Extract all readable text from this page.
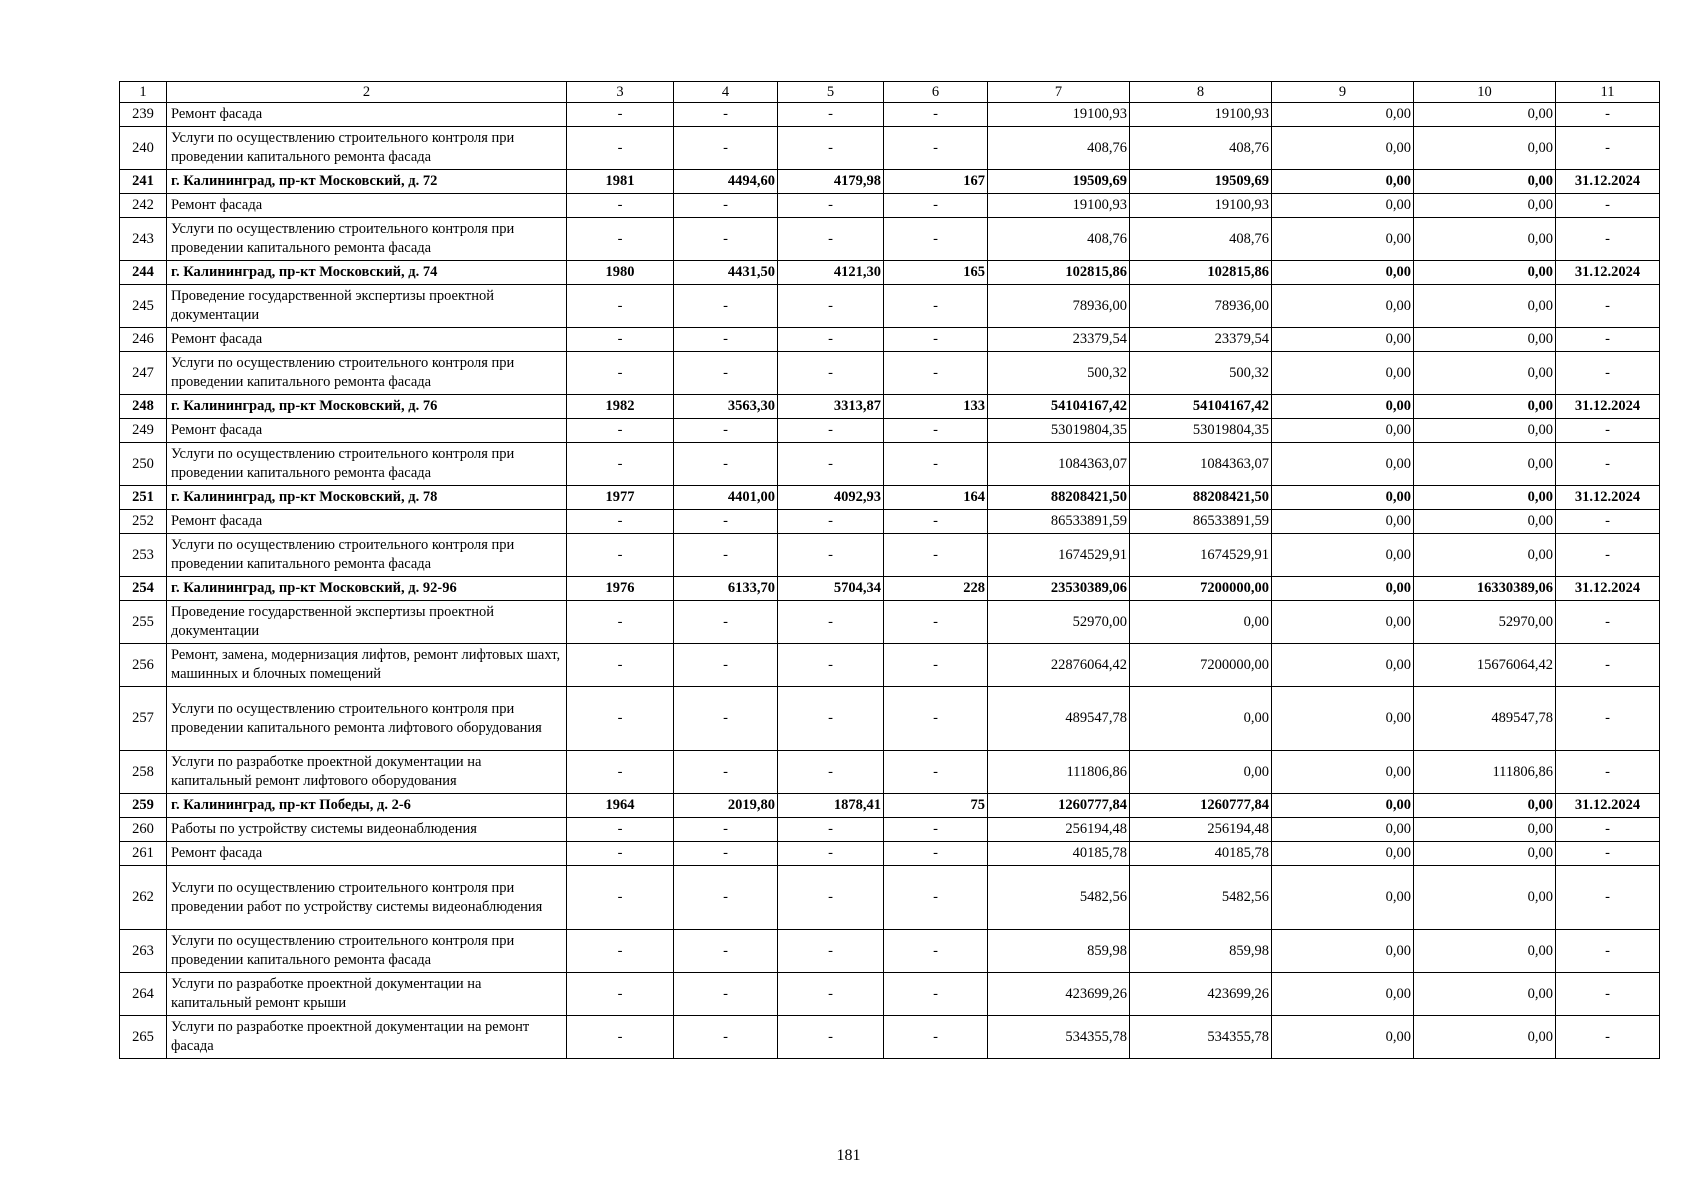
1	2	3	4	5	6	7	8	9	10	11
239	Ремонт фасада	-	-	-	-	19100,93	19100,93	0,00	0,00	-
240	Услуги по осуществлению строительного контроля при проведении капитального ремонта фасада	-	-	-	-	408,76	408,76	0,00	0,00	-
241	г. Калининград, пр-кт Московский, д. 72	1981	4494,60	4179,98	167	19509,69	19509,69	0,00	0,00	31.12.2024
242	Ремонт фасада	-	-	-	-	19100,93	19100,93	0,00	0,00	-
243	Услуги по осуществлению строительного контроля при проведении капитального ремонта фасада	-	-	-	-	408,76	408,76	0,00	0,00	-
244	г. Калининград, пр-кт Московский, д. 74	1980	4431,50	4121,30	165	102815,86	102815,86	0,00	0,00	31.12.2024
245	Проведение государственной экспертизы проектной документации	-	-	-	-	78936,00	78936,00	0,00	0,00	-
246	Ремонт фасада	-	-	-	-	23379,54	23379,54	0,00	0,00	-
247	Услуги по осуществлению строительного контроля при проведении капитального ремонта фасада	-	-	-	-	500,32	500,32	0,00	0,00	-
248	г. Калининград, пр-кт Московский, д. 76	1982	3563,30	3313,87	133	54104167,42	54104167,42	0,00	0,00	31.12.2024
249	Ремонт фасада	-	-	-	-	53019804,35	53019804,35	0,00	0,00	-
250	Услуги по осуществлению строительного контроля при проведении капитального ремонта фасада	-	-	-	-	1084363,07	1084363,07	0,00	0,00	-
251	г. Калининград, пр-кт Московский, д. 78	1977	4401,00	4092,93	164	88208421,50	88208421,50	0,00	0,00	31.12.2024
252	Ремонт фасада	-	-	-	-	86533891,59	86533891,59	0,00	0,00	-
253	Услуги по осуществлению строительного контроля при проведении капитального ремонта фасада	-	-	-	-	1674529,91	1674529,91	0,00	0,00	-
254	г. Калининград, пр-кт Московский, д. 92-96	1976	6133,70	5704,34	228	23530389,06	7200000,00	0,00	16330389,06	31.12.2024
255	Проведение государственной экспертизы проектной документации	-	-	-	-	52970,00	0,00	0,00	52970,00	-
256	Ремонт, замена, модернизация лифтов, ремонт лифтовых шахт, машинных и блочных помещений	-	-	-	-	22876064,42	7200000,00	0,00	15676064,42	-
257	Услуги по осуществлению строительного контроля при проведении капитального ремонта лифтового оборудования	-	-	-	-	489547,78	0,00	0,00	489547,78	-
258	Услуги по разработке проектной документации на капитальный ремонт лифтового оборудования	-	-	-	-	111806,86	0,00	0,00	111806,86	-
259	г. Калининград, пр-кт Победы, д. 2-6	1964	2019,80	1878,41	75	1260777,84	1260777,84	0,00	0,00	31.12.2024
260	Работы по устройству системы видеонаблюдения	-	-	-	-	256194,48	256194,48	0,00	0,00	-
261	Ремонт фасада	-	-	-	-	40185,78	40185,78	0,00	0,00	-
262	Услуги по осуществлению строительного контроля при проведении работ по устройству системы видеонаблюдения	-	-	-	-	5482,56	5482,56	0,00	0,00	-
263	Услуги по осуществлению строительного контроля при проведении капитального ремонта фасада	-	-	-	-	859,98	859,98	0,00	0,00	-
264	Услуги по разработке проектной документации на капитальный ремонт крыши	-	-	-	-	423699,26	423699,26	0,00	0,00	-
265	Услуги по разработке проектной документации на ремонт фасада	-	-	-	-	534355,78	534355,78	0,00	0,00	-
181
